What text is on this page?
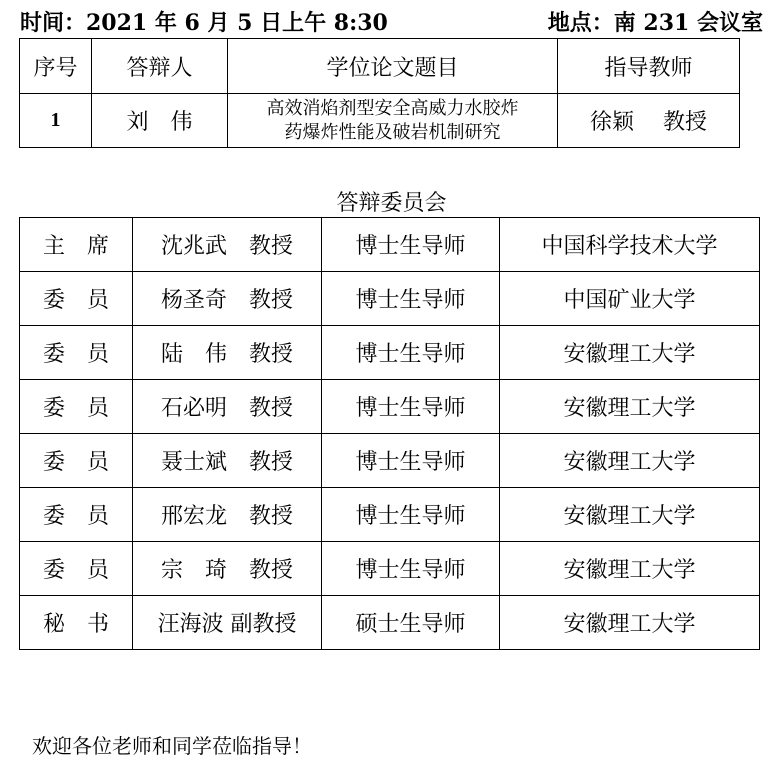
时间：2021 年 6 月 5 日上午 8:30	地点：南 231 会议室
序号	答辩人	学位论文题目	指导教师
1	刘　伟	高效消焰剂型安全高威力水胶炸
药爆炸性能及破岩机制研究	徐颖　 教授
答辩委员会
主　席	沈兆武　教授	博士生导师	中国科学技术大学
委　员	杨圣奇　教授	博士生导师	中国矿业大学
委　员	陆　伟　教授	博士生导师	安徽理工大学
委　员	石必明　教授	博士生导师	安徽理工大学
委　员	聂士斌　教授	博士生导师	安徽理工大学
委　员	邢宏龙　教授	博士生导师	安徽理工大学
委　员	宗　琦　教授	博士生导师	安徽理工大学
秘　书	汪海波 副教授	硕士生导师	安徽理工大学
欢迎各位老师和同学莅临指导！
